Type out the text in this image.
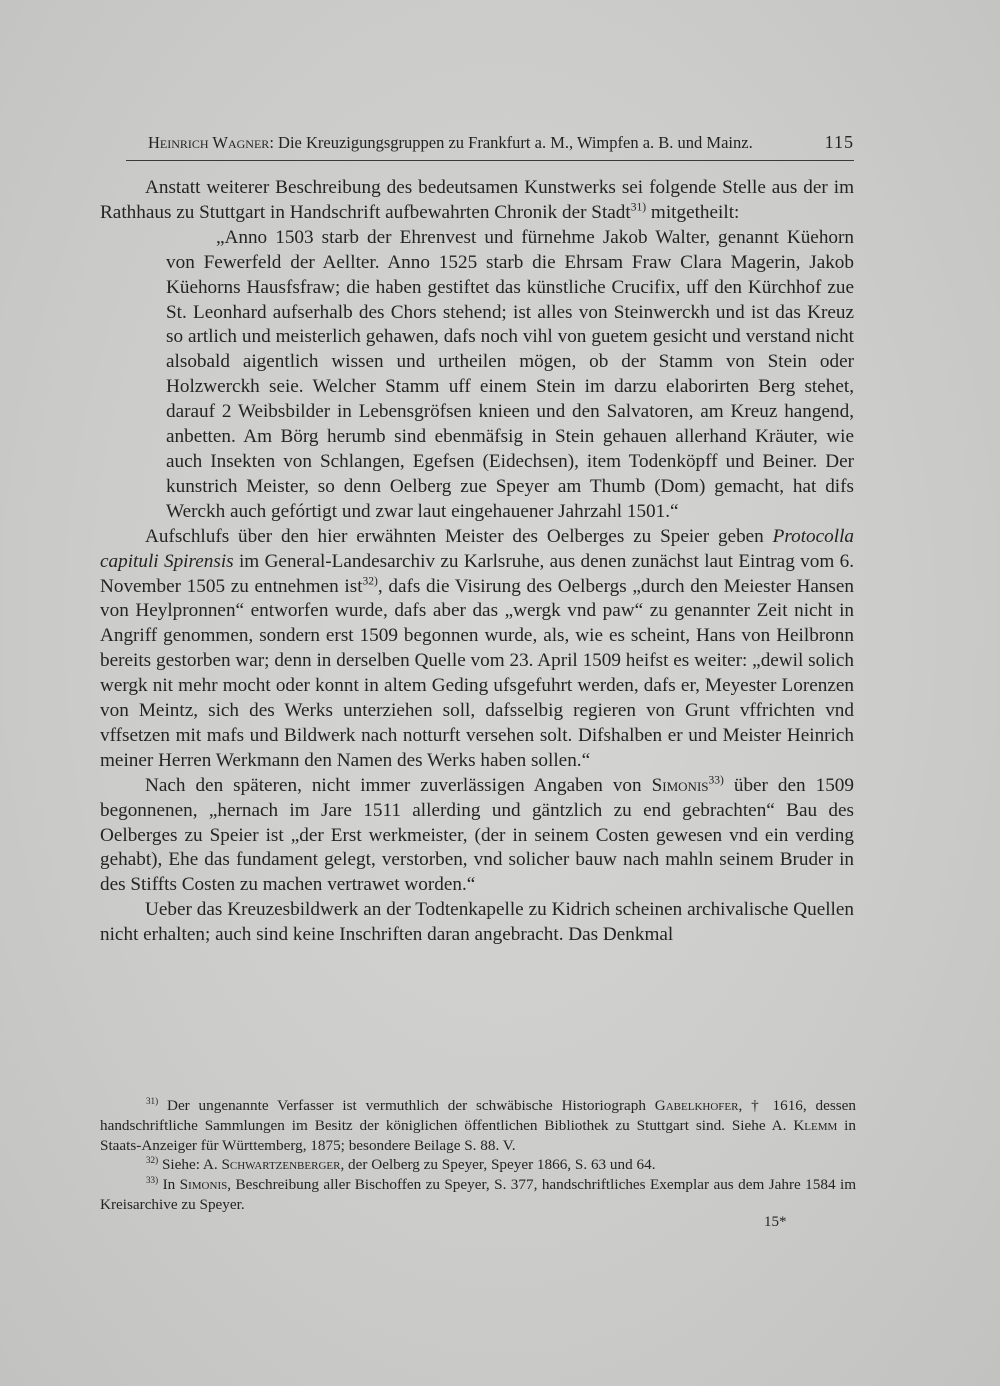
Heinrich Wagner: Die Kreuzigungsgruppen zu Frankfurt a. M., Wimpfen a. B. und Mainz.	115

Anstatt weiterer Beschreibung des bedeutsamen Kunstwerks sei folgende Stelle aus der im Rathhaus zu Stuttgart in Handschrift aufbewahrten Chronik der Stadt$^{31)}$ mitgetheilt:

„Anno 1503 starb der Ehrenvest und fürnehme Jakob Walter, genannt Küehorn von Fewerfeld der Aellter. Anno 1525 starb die Ehrsam Fraw Clara Magerin, Jakob Küehorns Hausfsfraw; die haben gestiftet das künstliche Crucifix, uff den Kürchhof zue St. Leonhard aufserhalb des Chors stehend; ist alles von Steinwerckh und ist das Kreuz so artlich und meisterlich gehawen, dafs noch vihl von guetem gesicht und verstand nicht alsobald aigentlich wissen und urtheilen mögen, ob der Stamm von Stein oder Holzwerckh seie. Welcher Stamm uff einem Stein im darzu elaborirten Berg stehet, darauf 2 Weibsbilder in Lebensgröfsen knieen und den Salvatoren, am Kreuz hangend, anbetten. Am Börg herumb sind ebenmäfsig in Stein gehauen allerhand Kräuter, wie auch Insekten von Schlangen, Egefsen (Eidechsen), item Todenköpff und Beiner. Der kunstrich Meister, so denn Oelberg zue Speyer am Thumb (Dom) gemacht, hat difs Werckh auch gefórtigt und zwar laut eingehauener Jahrzahl 1501.“

Aufschlufs über den hier erwähnten Meister des Oelberges zu Speier geben Protocolla capituli Spirensis im General-Landesarchiv zu Karlsruhe, aus denen zunächst laut Eintrag vom 6. November 1505 zu entnehmen ist$^{32)}$, dafs die Visirung des Oelbergs „durch den Meiester Hansen von Heylpronnen“ entworfen wurde, dafs aber das „wergk vnd paw“ zu genannter Zeit nicht in Angriff genommen, sondern erst 1509 begonnen wurde, als, wie es scheint, Hans von Heilbronn bereits gestorben war; denn in derselben Quelle vom 23. April 1509 heifst es weiter: „dewil solich wergk nit mehr mocht oder konnt in altem Geding ufsgefuhrt werden, dafs er, Meyester Lorenzen von Meintz, sich des Werks unterziehen soll, dafsselbig regieren von Grunt vffrichten vnd vffsetzen mit mafs und Bildwerk nach notturft versehen solt. Difshalben er und Meister Heinrich meiner Herren Werkmann den Namen des Werks haben sollen.“

Nach den späteren, nicht immer zuverlässigen Angaben von Simonis$^{33)}$ über den 1509 begonnenen, „hernach im Jare 1511 allerding und gäntzlich zu end gebrachten“ Bau des Oelberges zu Speier ist „der Erst werkmeister, (der in seinem Costen gewesen vnd ein verding gehabt), Ehe das fundament gelegt, verstorben, vnd solicher bauw nach mahln seinem Bruder in des Stiffts Costen zu machen vertrawet worden.“

Ueber das Kreuzesbildwerk an der Todtenkapelle zu Kidrich scheinen archivalische Quellen nicht erhalten; auch sind keine Inschriften daran angebracht. Das Denkmal

$^{31)}$ Der ungenannte Verfasser ist vermuthlich der schwäbische Historiograph Gabelkhofer, † 1616, dessen handschriftliche Sammlungen im Besitz der königlichen öffentlichen Bibliothek zu Stuttgart sind. Siehe A. Klemm in Staats-Anzeiger für Württemberg, 1875; besondere Beilage S. 88. V.

$^{32)}$ Siehe: A. Schwartzenberger, der Oelberg zu Speyer, Speyer 1866, S. 63 und 64.

$^{33)}$ In Simonis, Beschreibung aller Bischoffen zu Speyer, S. 377, handschriftliches Exemplar aus dem Jahre 1584 im Kreisarchive zu Speyer.

15*
